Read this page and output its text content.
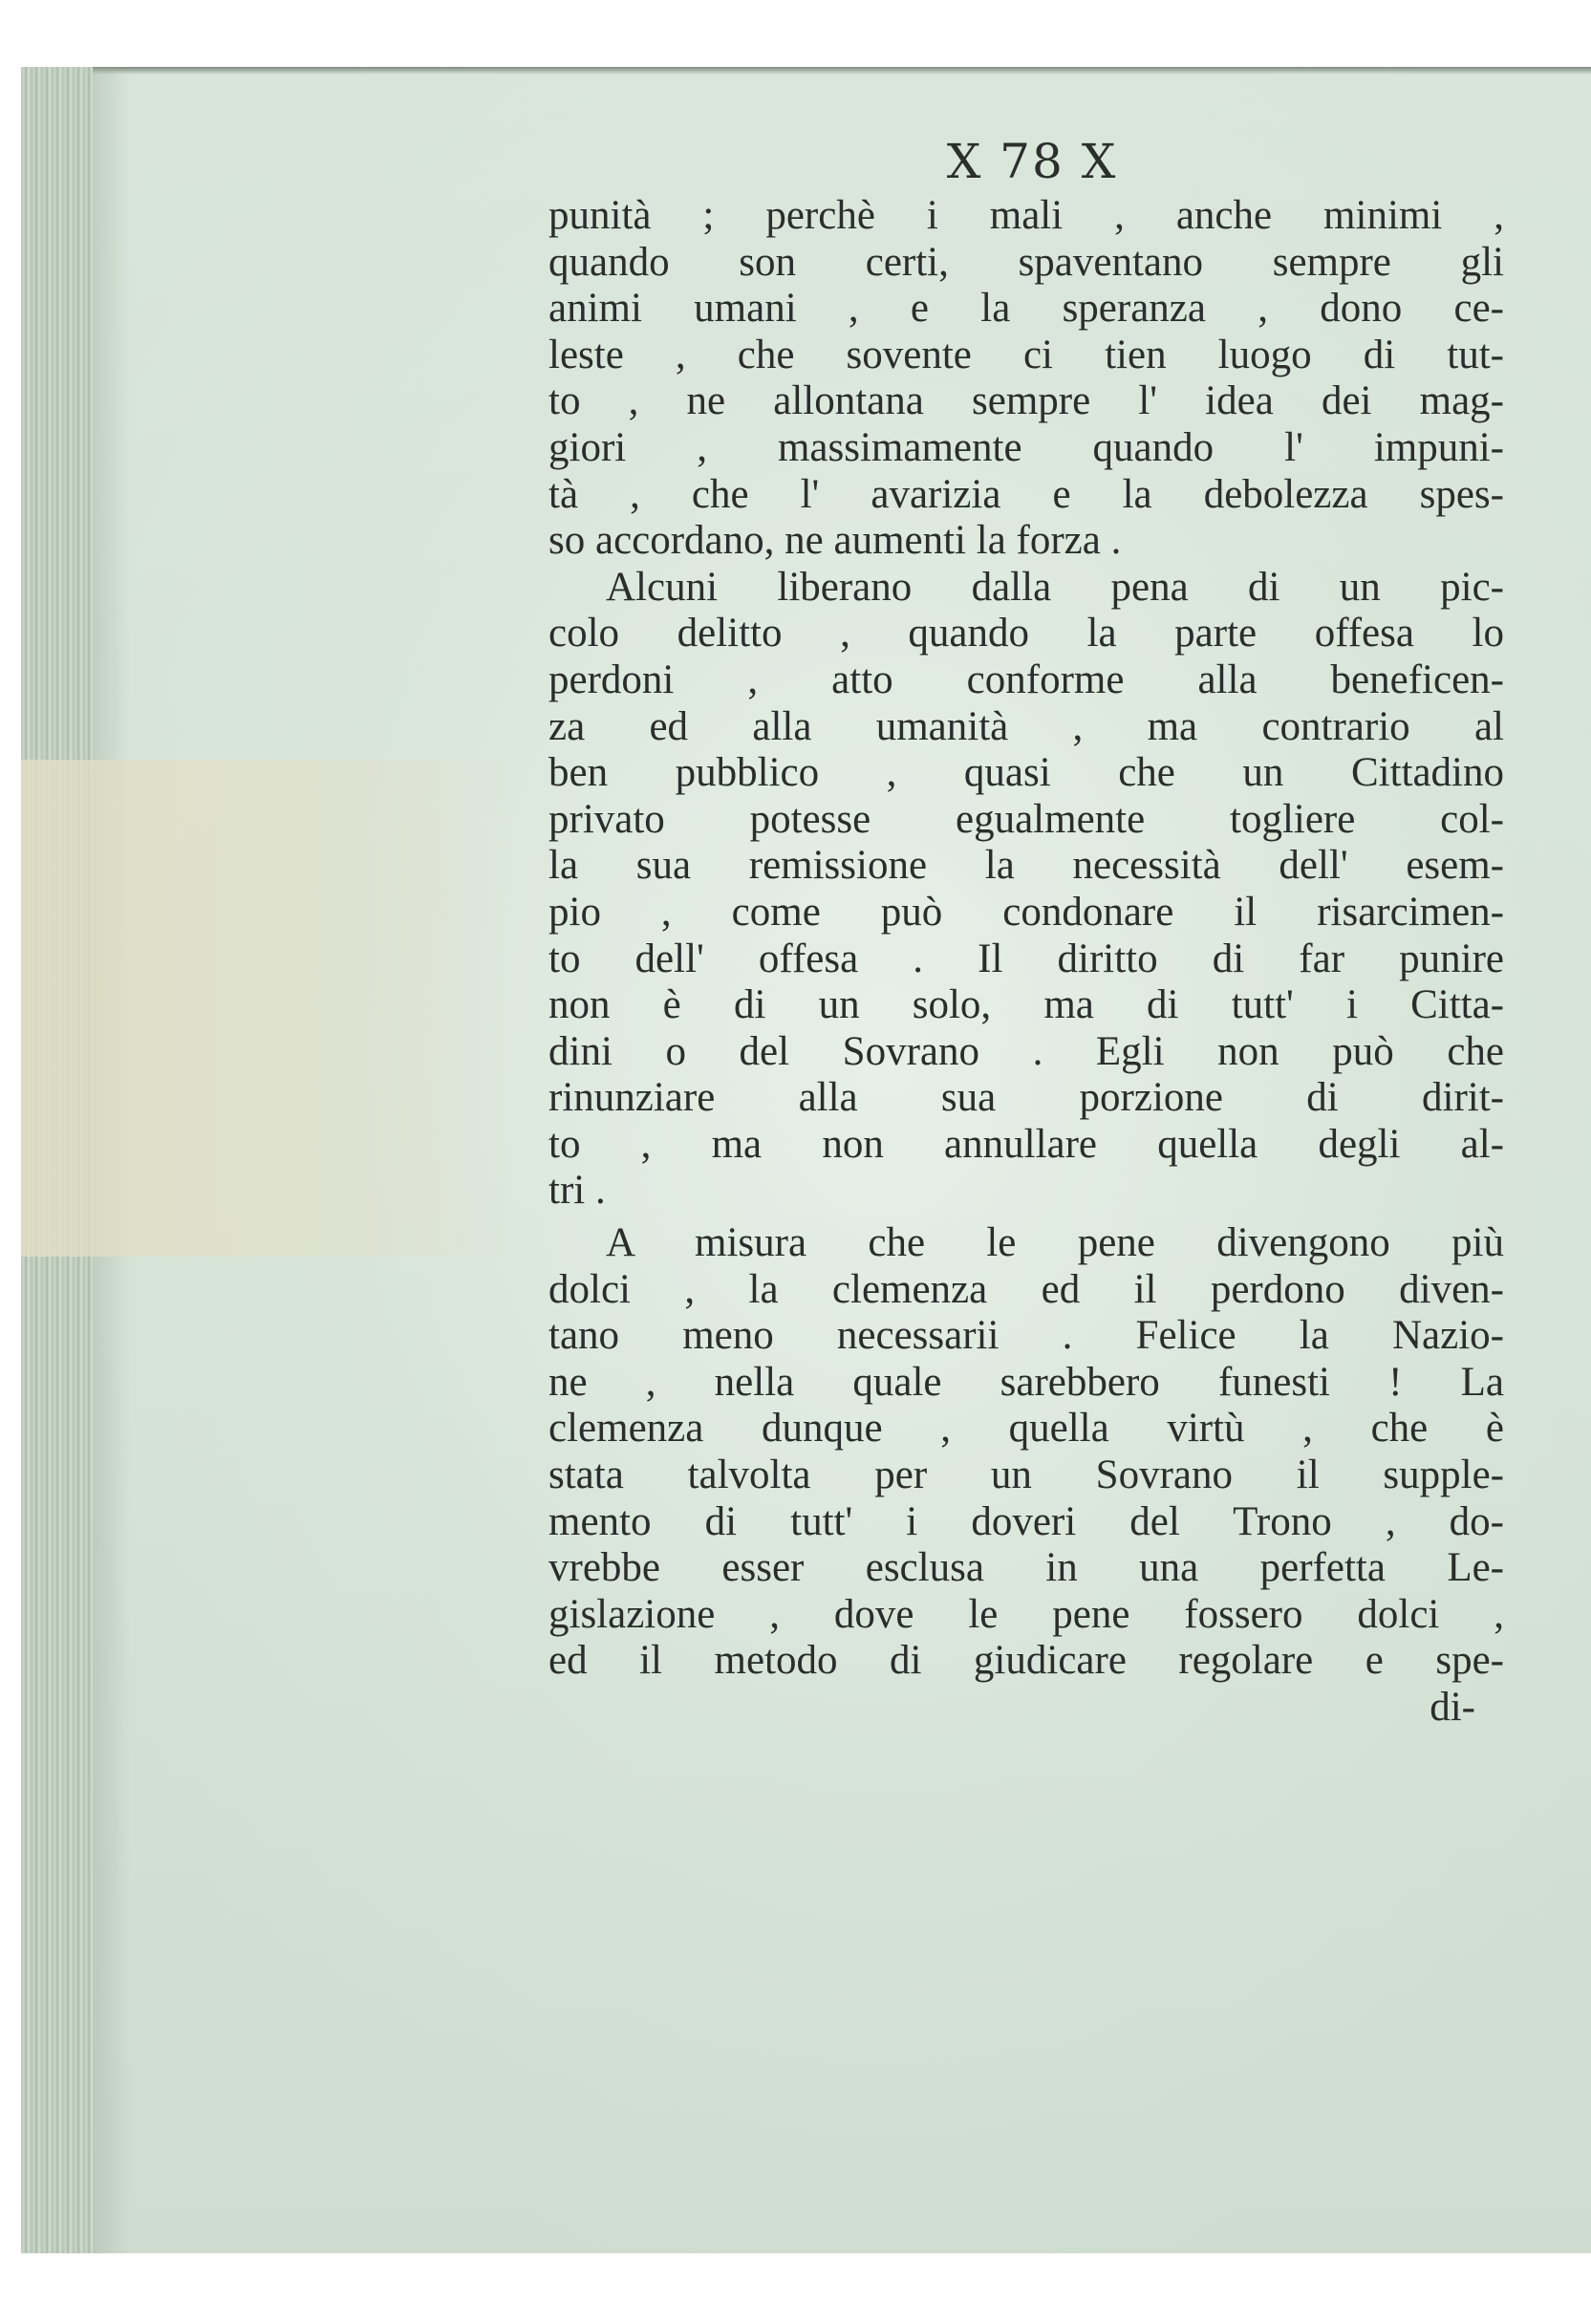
X 78 X
punità ; perchè i mali , anche minimi ,
quando son certi, spaventano sempre gli
animi umani , e la speranza , dono ce-
leste , che sovente ci tien luogo di tut-
to , ne allontana sempre l' idea dei mag-
giori , massimamente quando l' impuni-
tà , che l' avarizia e la debolezza spes-
so accordano, ne aumenti la forza .
Alcuni liberano dalla pena di un pic-
colo delitto , quando la parte offesa lo
perdoni , atto conforme alla beneficen-
za ed alla umanità , ma contrario al
ben pubblico , quasi che un Cittadino
privato potesse egualmente togliere col-
la sua remissione la necessità dell' esem-
pio , come può condonare il risarcimen-
to dell' offesa . Il diritto di far punire
non è di un solo, ma di tutt' i Citta-
dini o del Sovrano . Egli non può che
rinunziare alla sua porzione di dirit-
to , ma non annullare quella degli al-
tri .
A misura che le pene divengono più
dolci , la clemenza ed il perdono diven-
tano meno necessarii . Felice la Nazio-
ne , nella quale sarebbero funesti ! La
clemenza dunque , quella virtù , che è
stata talvolta per un Sovrano il supple-
mento di tutt' i doveri del Trono , do-
vrebbe esser esclusa in una perfetta Le-
gislazione , dove le pene fossero dolci ,
ed il metodo di giudicare regolare e spe-
di-
